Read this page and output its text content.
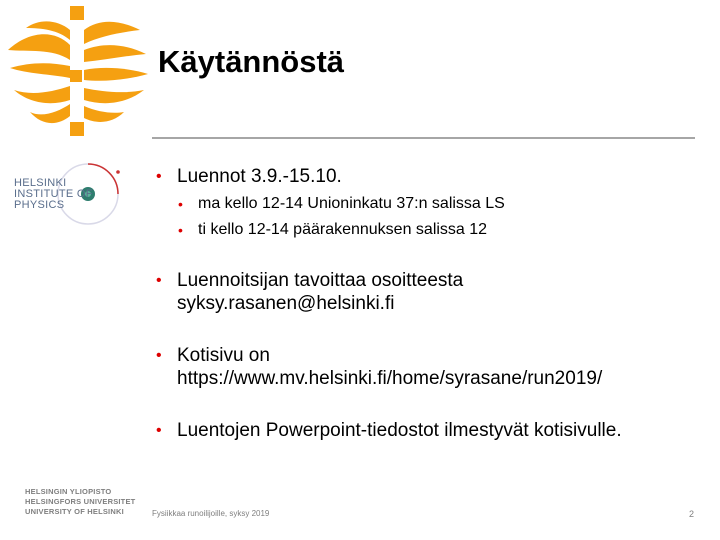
HELSINKI
INSTITUTE OF
PHYSICS
Käytännöstä
• Luennot 3.9.-15.10.
• ma kello 12-14 Unioninkatu 37:n salissa LS
• ti kello 12-14 päärakennuksen salissa 12
• Luennoitsijan tavoittaa osoitteesta
syksy.rasanen@helsinki.fi
• Kotisivu on
https://www.mv.helsinki.fi/home/syrasane/run2019/
• Luentojen Powerpoint-tiedostot ilmestyvät kotisivulle.
HELSINGIN YLIOPISTO
HELSINGFORS UNIVERSITET
UNIVERSITY OF HELSINKI	Fysiikkaa runoilijoille, syksy 2019	2
